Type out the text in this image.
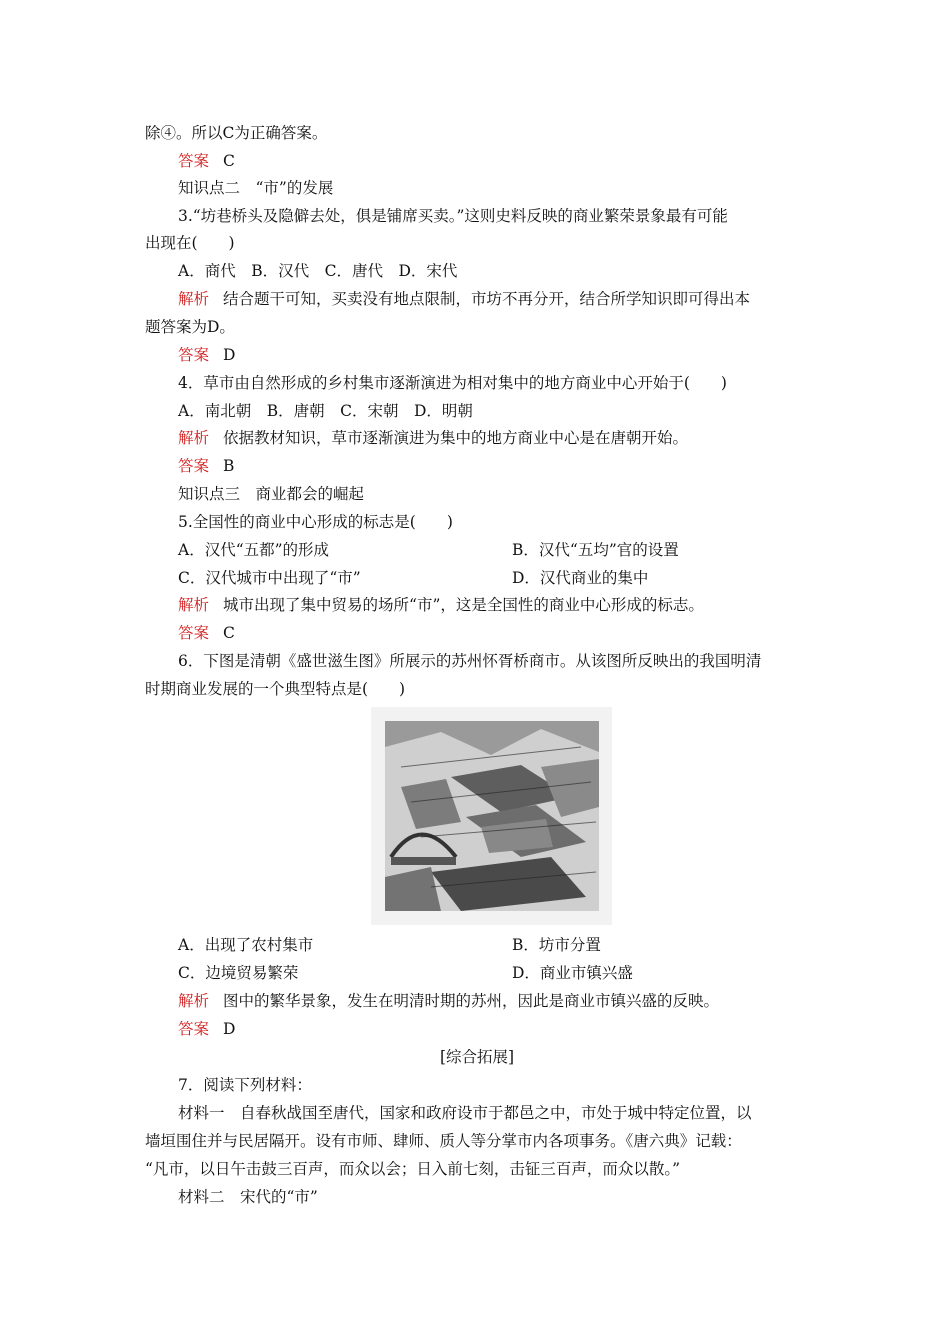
除④。所以C为正确答案。
答案 C
知识点二　“市”的发展
3.“坊巷桥头及隐僻去处，俱是铺席买卖。”这则史料反映的商业繁荣景象最有可能
出现在(　　)
A．商代　B．汉代　C．唐代　D．宋代
解析 结合题干可知，买卖没有地点限制，市坊不再分开，结合所学知识即可得出本
题答案为D。
答案 D
4．草市由自然形成的乡村集市逐渐演进为相对集中的地方商业中心开始于(　　)
A．南北朝　B．唐朝　C．宋朝　D．明朝
解析 依据教材知识，草市逐渐演进为集中的地方商业中心是在唐朝开始。
答案 B
知识点三　商业都会的崛起
5.全国性的商业中心形成的标志是(　　)
A．汉代“五都”的形成	B．汉代“五均”官的设置
C．汉代城市中出现了“市”	D．汉代商业的集中
解析 城市出现了集中贸易的场所“市”，这是全国性的商业中心形成的标志。
答案 C
6．下图是清朝《盛世滋生图》所展示的苏州怀胥桥商市。从该图所反映出的我国明清
时期商业发展的一个典型特点是(　　)
A．出现了农村集市	B．坊市分置
C．边境贸易繁荣	D．商业市镇兴盛
解析 图中的繁华景象，发生在明清时期的苏州，因此是商业市镇兴盛的反映。
答案 D
[综合拓展]
7．阅读下列材料：
材料一　自春秋战国至唐代，国家和政府设市于都邑之中，市处于城中特定位置，以
墙垣围住并与民居隔开。设有市师、肆师、质人等分掌市内各项事务。《唐六典》记载：
“凡市，以日午击鼓三百声，而众以会；日入前七刻，击钲三百声，而众以散。”
材料二　宋代的“市”
